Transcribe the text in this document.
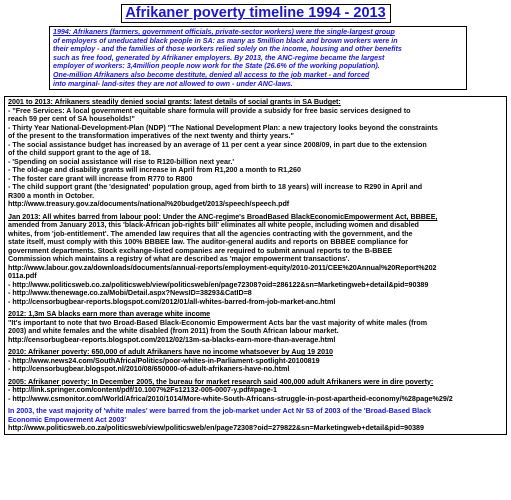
Afrikaner poverty timeline 1994 - 2013

1994: Afrikaners (farmers, government officials, private-sector workers) were the single-largest group

of employers of uneducated black people in SA: as many as 5million black and brown workers were in

their employ - and the families of those workers relied solely on the income, housing and other benefits

such as free food, generated by Afrikaner employers. By 2013, the ANC-regime became the largest

employer of workers: 3,4million people now work for the State (26.6% of the working population).

One-million Afrikaners also become destitute, denied all access to the job market - and forced

into marginal- land-sites they are not allowed to own - under ANC-laws.

2001 to 2013: Afrikaners steadily denied social grants: latest details of social grants in SA Budget:

- "Free Services: A local government equitable share formula will provide a subsidy for free basic services designed to

reach 59 per cent of SA households!"

- Thirty Year National-Development-Plan (NDP) "The National Development Plan: a new trajectory looks beyond the constraints

of the present to the transformation imperatives of the next twenty and thirty years."

- The social assistance budget has increased by an average of 11 per cent a year since 2008/09, in part due to the extension

of the child support grant to the age of 18.

- 'Spending on social assistance will rise to R120-billion next year.'

- The old-age and disability grants will increase in April from R1,200 a month to R1,260

- The foster care grant will increase from R770 to R800

- The child support grant (the 'designated' population group, aged from birth to 18 years) will increase to R290 in April and

R300 a month in October.

http://www.treasury.gov.za/documents/national%20budget/2013/speech/speech.pdf

Jan 2013: All whites barred from labour pool: Under the ANC-regime's BroadBased BlackEconomicEmpowerment Act, BBBEE,

amended from January 2013, this 'black-African job-rights bill' eliminates all white people, including women and disabled

whites, from 'job-entitlement'. The amended law requires that all the agencies contracting with the government, and the

state itself, must comply with this 100% BBBEE law. The auditor-general audits and reports on BBBEE compliance for

government departments. Stock exchange-listed companies are required to submit annual reports to the B-BBEE

Commission which maintains a registry of what are described as 'major empowerment transactions'.

http://www.labour.gov.za/downloads/documents/annual-reports/employment-equity/2010-2011/CEE%20Annual%20Report%202

011a.pdf

- http://www.politicsweb.co.za/politicsweb/view/politicsweb/en/page72308?oid=286122&sn=Marketingweb+detail&pid=90389

- http://www.thenewage.co.za/Mobi/Detail.aspx?NewsID=38293&CatID=8

- http://censorbugbear-reports.blogspot.com/2012/01/all-whites-barred-from-job-market-anc.html

2012: 1,3m SA blacks earn more than average white income

"It's important to note that two Broad-Based Black-Economic Empowerment Acts bar the vast majority of white males (from

2003) and white females and the white disabled (from 2011) from the South African labour market.

http://censorbugbear-reports.blogspot.com/2012/02/13m-sa-blacks-earn-more-than-average.html

2010: Afrikaner poverty: 650,000 of adult Afrikaners have no income whatsoever by Aug 19 2010

- http://www.news24.com/SouthAfrica/Politics/poor-whites-in-Parliament-spotlight-20100819

- http://censorbugbear.blogspot.nl/2010/08/650000-of-adult-afrikaners-have-no.html

2005: Afrikaner poverty: In December 2005, the bureau for market research said 400,000 adult Afrikaners were in dire poverty:

- http://link.springer.com/content/pdf/10.1007%2Fs12132-005-0007-y.pdf#page-1

- http://www.csmonitor.com/World/Africa/2010/1014/More-white-South-Africans-struggle-in-post-apartheid-economy/%28page%29/2

In 2003, the vast majority of 'white males' were barred from the job-market under Act Nr 53 of 2003 of the 'Broad-Based Black

Economic Empowerment Act 2003'

http://www.politicsweb.co.za/politicsweb/view/politicsweb/en/page72308?oid=279822&sn=Marketingweb+detail&pid=90389
